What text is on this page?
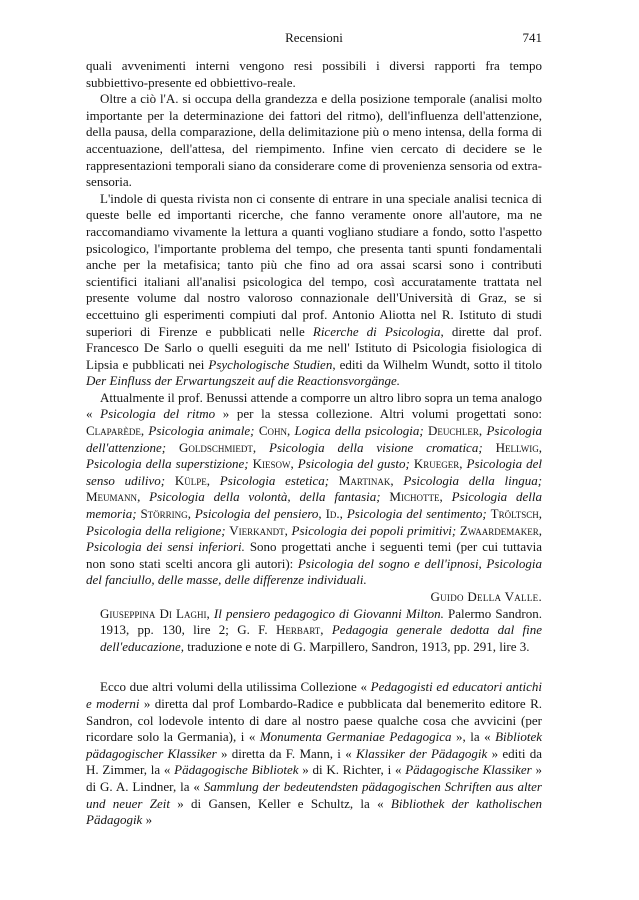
Recensioni	741

quali avvenimenti interni vengono resi possibili i diversi rapporti fra tempo subbiettivo-presente ed obbiettivo-reale.

Oltre a ciò l'A. si occupa della grandezza e della posizione temporale (analisi molto importante per la determinazione dei fattori del ritmo), dell'influenza dell'attenzione, della pausa, della comparazione, della delimitazione più o meno intensa, della forma di accentuazione, dell'attesa, del riempimento. Infine vien cercato di decidere se le rappresentazioni temporali siano da considerare come di provenienza sensoria od extra-sensoria.

L'indole di questa rivista non ci consente di entrare in una speciale analisi tecnica di queste belle ed importanti ricerche, che fanno veramente onore all'autore, ma ne raccomandiamo vivamente la lettura a quanti vogliano studiare a fondo, sotto l'aspetto psicologico, l'importante problema del tempo, che presenta tanti spunti fondamentali anche per la metafisica; tanto più che fino ad ora assai scarsi sono i contributi scientifici italiani all'analisi psicologica del tempo, così accuratamente trattata nel presente volume dal nostro valoroso connazionale dell'Università di Graz, se si eccettuino gli esperimenti compiuti dal prof. Antonio Aliotta nel R. Istituto di studi superiori di Firenze e pubblicati nelle Ricerche di Psicologia, dirette dal prof. Francesco De Sarlo o quelli eseguiti da me nell' Istituto di Psicologia fisiologica di Lipsia e pubblicati nei Psychologische Studien, editi da Wilhelm Wundt, sotto il titolo Der Einfluss der Erwartungszeit auf die Reactionsvorgänge.

Attualmente il prof. Benussi attende a comporre un altro libro sopra un tema analogo « Psicologia del ritmo » per la stessa collezione. Altri volumi progettati sono: Claparède, Psicologia animale; Cohn, Logica della psicologia; Deuchler, Psicologia dell'attenzione; Goldschmiedt, Psicologia della visione cromatica; Hellwig, Psicologia della superstizione; Kiesow, Psicologia del gusto; Krueger, Psicologia del senso udilivo; Külpe, Psicologia estetica; Martinak, Psicologia della lingua; Meumann, Psicologia della volontà, della fantasia; Michotte, Psicologia della memoria; Störring, Psicologia del pensiero, Id., Psicologia del sentimento; Tröltsch, Psicologia della religione; Vierkandt, Psicologia dei popoli primitivi; Zwaardemaker, Psicologia dei sensi inferiori. Sono progettati anche i seguenti temi (per cui tuttavia non sono stati scelti ancora gli autori): Psicologia del sogno e dell'ipnosi, Psicologia del fanciullo, delle masse, delle differenze individuali.

Guido Della Valle.

Giuseppina Di Laghi, Il pensiero pedagogico di Giovanni Milton. Palermo Sandron. 1913, pp. 130, lire 2; G. F. Herbart, Pedagogia generale dedotta dal fine dell'educazione, traduzione e note di G. Marpillero, Sandron, 1913, pp. 291, lire 3.

Ecco due altri volumi della utilissima Collezione « Pedagogisti ed educatori antichi e moderni » diretta dal prof Lombardo-Radice e pubblicata dal benemerito editore R. Sandron, col lodevole intento di dare al nostro paese qualche cosa che avvicini (per ricordare solo la Germania), i « Monumenta Germaniae Pedagogica », la « Bibliotek pädagogischer Klassiker » diretta da F. Mann, i « Klassiker der Pädagogik » editi da H. Zimmer, la « Pädagogische Bibliotek » di K. Richter, i « Pädagogische Klassiker » di G. A. Lindner, la « Sammlung der bedeutendsten pädagogischen Schriften aus alter und neuer Zeit » di Gansen, Keller e Schultz, la « Bibliothek der katholischen Pädagogik »
